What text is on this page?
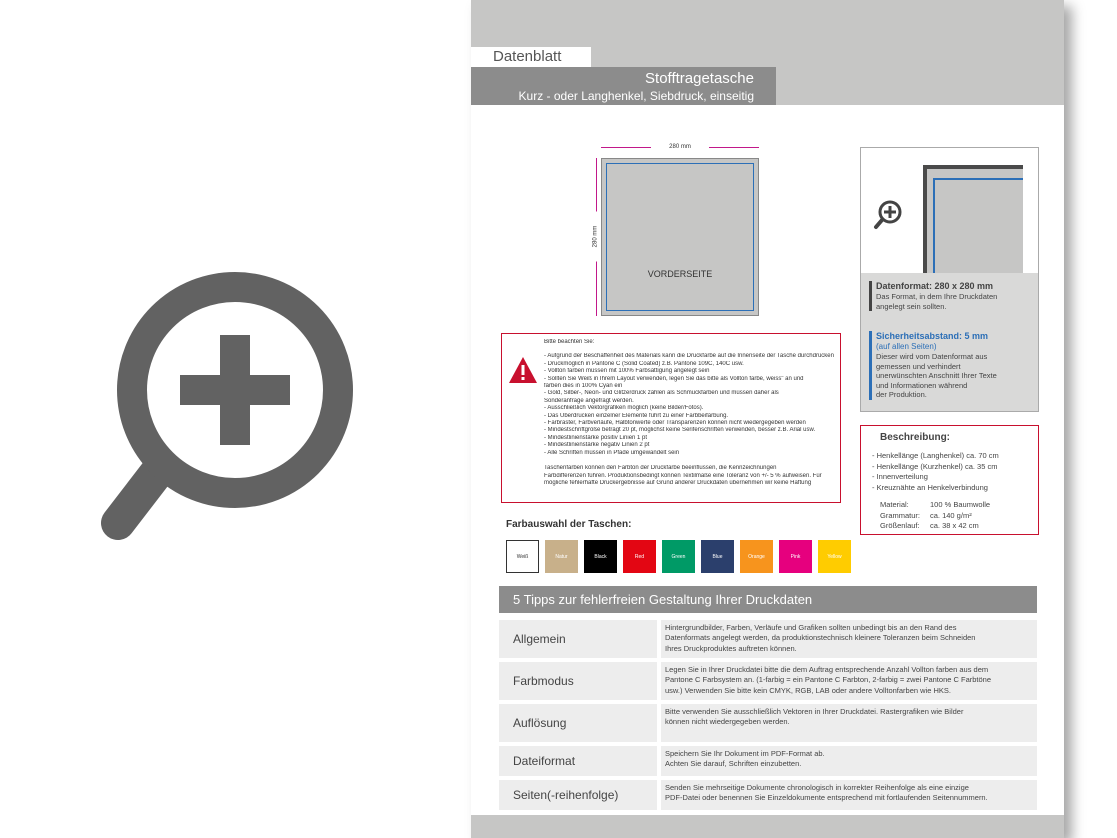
Datenblatt
Stofftragetasche
Kurz - oder Langhenkel, Siebdruck, einseitig
280 mm
280 mm
VORDERSEITE
Bitte beachten Sie:
- Aufgrund der Beschaffenheit des Materials kann die Druckfarbe auf die Innenseite der Tasche durchdrücken
- Druckmöglich in Pantone C (Solid Coated) z.B. Pantone 109C, 140C usw.
- Vollton farben müssen mit 100% Farbsättigung angelegt sein
- Sollten Sie Weiß in Ihrem Layout verwenden, legen Sie das bitte als Vollton farbe, weiss" an und
färben dies in 100% Cyan ein
- Gold, Silber-, Neon- und Glitzerdruck zählen als Schmuckfarben und müssen daher als
Sonderanfrage angefragt werden.
- Ausschließlich Vektorgrafiken möglich (keine Bilder/Fotos).
- Das Überdrucken einzelner Elemente führt zu einer Farbbeifärbung.
- Farbraster, Farbverläufe, Halbtonwerte oder Transparenzen können nicht wiedergegeben werden
- Mindestschriftgröße beträgt 20 pt, möglichst keine Serifenschriften verwenden, besser z.B. Arial usw.
- Mindestlinienstärke positiv Linien 1 pt
- Mindestlinienstärke negativ Linien 2 pt
- Alle Schriften müssen in Pfade umgewandelt sein
Taschenfarben können den Farbton der Druckfarbe beeinflussen, die Kennzeichnungen
Farbdifferenzen führen. Produktionsbedingt können Textilmaße eine Toleranz von +/- 5 % aufweisen. Für
mögliche fehlerhafte Druckergebnisse auf Grund anderer Druckdaten übernehmen wir keine Haftung
Farbauswahl der Taschen:
Weiß	Natur	Black	Red	Green	Blue	Orange	Pink	Yellow
Datenformat: 280 x 280 mm
Das Format, in dem Ihre Druckdaten
angelegt sein sollten.
Sicherheitsabstand: 5 mm
(auf allen Seiten)
Dieser wird vom Datenformat aus
gemessen und verhindert
unerwünschten Anschnitt Ihrer Texte
und Informationen während
der Produktion.
Beschreibung:
- Henkellänge (Langhenkel) ca. 70 cm
- Henkellänge (Kurzhenkel) ca. 35 cm
- Innenverteilung
- Kreuznähte an Henkelverbindung
Material:	100 % Baumwolle
Grammatur: ca. 140 g/m²
Größenlauf: ca. 38 x 42 cm
5 Tipps zur fehlerfreien Gestaltung Ihrer Druckdaten
Allgemein
Hintergrundbilder, Farben, Verläufe und Grafiken sollten unbedingt bis an den Rand des
Datenformats angelegt werden, da produktionstechnisch kleinere Toleranzen beim Schneiden
Ihres Druckproduktes auftreten können.
Farbmodus
Legen Sie in Ihrer Druckdatei bitte die dem Auftrag entsprechende Anzahl Vollton farben aus dem
Pantone C Farbsystem an. (1-farbig = ein Pantone C Farbton, 2-farbig = zwei Pantone C Farbtöne
usw.) Verwenden Sie bitte kein CMYK, RGB, LAB oder andere Volltonfarben wie HKS.
Auflösung
Bitte verwenden Sie ausschließlich Vektoren in Ihrer Druckdatei. Rastergrafiken wie Bilder
können nicht wiedergegeben werden.
Dateiformat
Speichern Sie Ihr Dokument im PDF-Format ab.
Achten Sie darauf, Schriften einzubetten.
Seiten(-reihenfolge)
Senden Sie mehrseitige Dokumente chronologisch in korrekter Reihenfolge als eine einzige
PDF-Datei oder benennen Sie Einzeldokumente entsprechend mit fortlaufenden Seitennummern.
